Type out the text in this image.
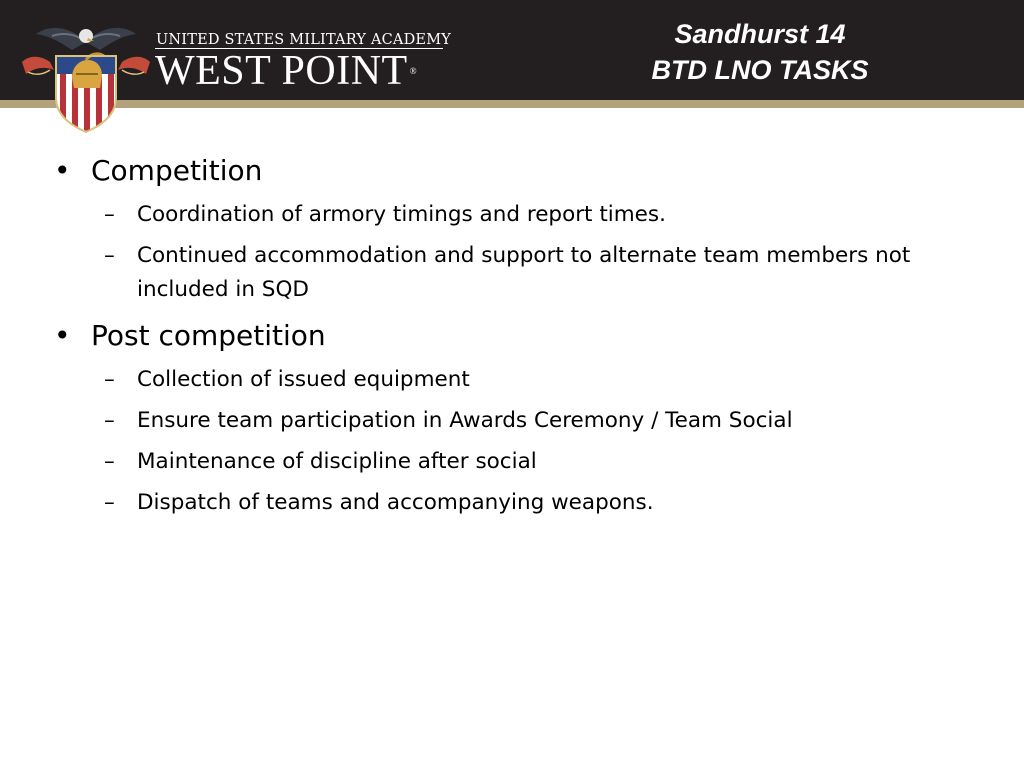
UNITED STATES MILITARY ACADEMY
WEST POINT ®
Sandhurst 14
BTD LNO TASKS
• Competition
– Coordination of armory timings and report times.
– Continued accommodation and support to alternate team members not included in SQD
• Post competition
– Collection of issued equipment
– Ensure team participation in Awards Ceremony / Team Social
– Maintenance of discipline after social
– Dispatch of teams and accompanying weapons.
